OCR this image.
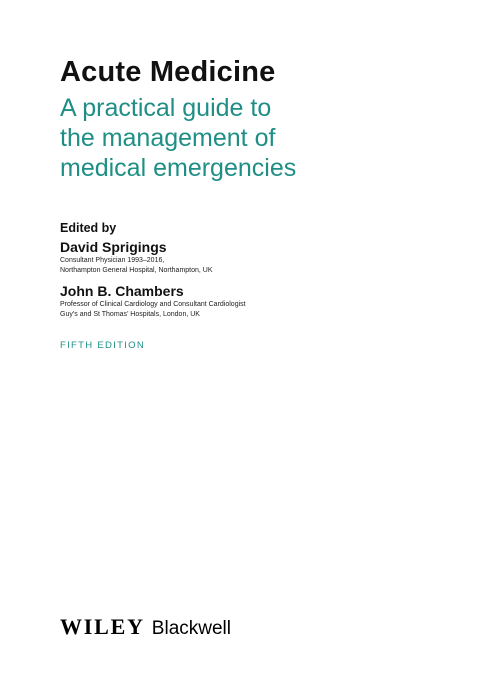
Acute Medicine
A practical guide to
the management of
medical emergencies
Edited by
David Sprigings
Consultant Physician 1993–2016,
Northampton General Hospital, Northampton, UK
John B. Chambers
Professor of Clinical Cardiology and Consultant Cardiologist
Guy’s and St Thomas’ Hospitals, London, UK
FIFTH EDITION
WILEY Blackwell
